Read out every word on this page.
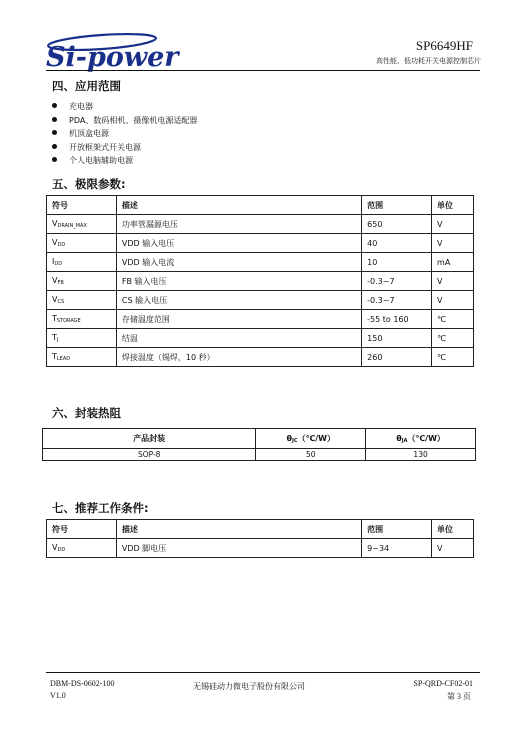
Si-power	SP6649HF
高性能、低功耗开关电源控制芯片
四、应用范围
充电器
PDA、数码相机、摄像机电源适配器
机顶盒电源
开放框架式开关电源
个人电脑辅助电源
五、极限参数:
符号	描述	范围	单位
$V_{DRAIN\_MAX}$	功率管漏源电压	650	V
$V_{DD}$	VDD 输入电压	40	V
$I_{DD}$	VDD 输入电流	10	mA
$V_{FB}$	FB 输入电压	-0.3~7	V
$V_{CS}$	CS 输入电压	-0.3~7	V
$T_{STORAGE}$	存储温度范围	-55 to 160	℃
$T_J$	结温	150	℃
$T_{LEAD}$	焊接温度（锡焊，10 秒）	260	℃
六、封装热阻
产品封装	$\theta_{JC}(℃/W)$	$\theta_{JA}(℃/W)$
SOP-8	50	130
七、推荐工作条件:
符号	描述	范围	单位
$V_{DD}$	VDD 脚电压	9~34	V
DBM-DS-0602-100
V1.0
无锡硅动力微电子股份有限公司	SP-QRD-CF02-01
第 3 页
